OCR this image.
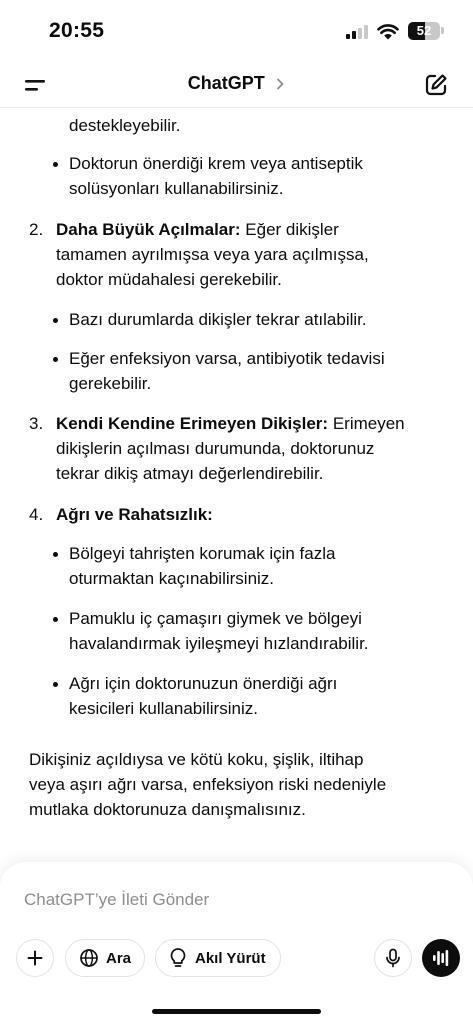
20:55	52
ChatGPT
destekleyebilir.
Doktorun önerdiği krem veya antiseptik
solüsyonları kullanabilirsiniz.
2. Daha Büyük Açılmalar: Eğer dikişler
tamamen ayrılmışsa veya yara açılmışsa,
doktor müdahalesi gerekebilir.
Bazı durumlarda dikişler tekrar atılabilir.
Eğer enfeksiyon varsa, antibiyotik tedavisi
gerekebilir.
3. Kendi Kendine Erimeyen Dikişler: Erimeyen
dikişlerin açılması durumunda, doktorunuz
tekrar dikiş atmayı değerlendirebilir.
4. Ağrı ve Rahatsızlık:
Bölgeyi tahrişten korumak için fazla
oturmaktan kaçınabilirsiniz.
Pamuklu iç çamaşırı giymek ve bölgeyi
havalandırmak iyileşmeyi hızlandırabilir.
Ağrı için doktorunuzun önerdiği ağrı
kesicileri kullanabilirsiniz.
Dikişiniz açıldıysa ve kötü koku, şişlik, iltihap
veya aşırı ağrı varsa, enfeksiyon riski nedeniyle
mutlaka doktorunuza danışmalısınız.
ChatGPT’ye İleti Gönder
Ara	Akıl Yürüt
